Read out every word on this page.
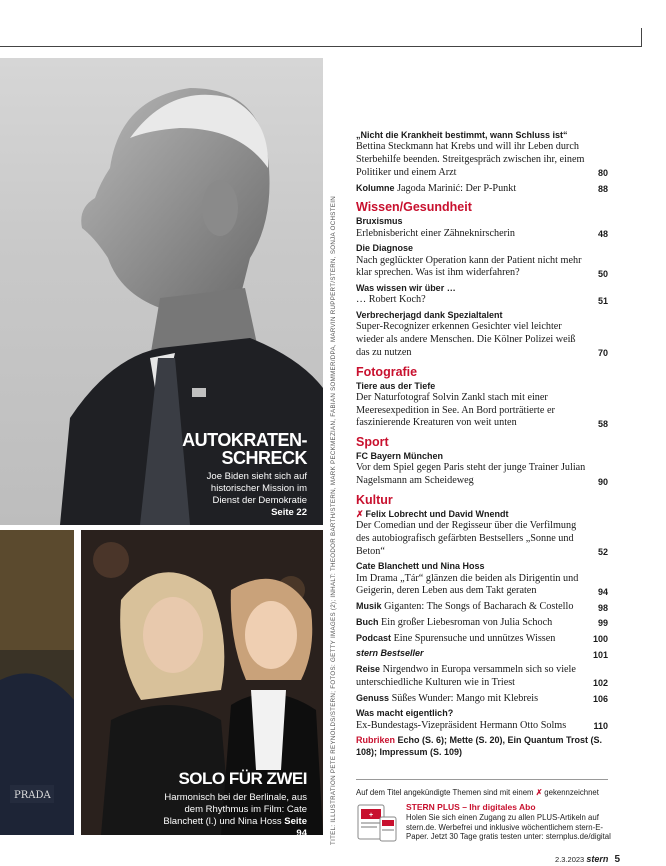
AUTOKRATEN-
SCHRECK
Joe Biden sieht sich auf historischer Mission im Dienst der Demokratie Seite 22
PRADA
SOLO FÜR ZWEI
Harmonisch bei der Berlinale, aus dem Rhythmus im Film: Cate Blanchett (l.) und Nina Hoss Seite 94	TITEL: ILLUSTRATION PETE REYNOLDS/STERN; FOTOS: GETTY IMAGES (2); INHALT: THEODOR BARTH/STERN, MARK PECKMEZIAN, FABIAN SOMMER/DPA, MARVIN RUPPERT/STERN, SONJA OCHSTEIN
„Nicht die Krankheit bestimmt, wann Schluss ist“
Bettina Steckmann hat Krebs und will ihr Leben durch Sterbehilfe beenden. Streitgespräch zwischen ihr, einem Politiker und einem Arzt	80
Kolumne Jagoda Marinić: Der P-Punkt	88
Wissen/Gesundheit
Bruxismus
Erlebnisbericht einer Zähneknirscherin	48
Die Diagnose
Nach geglückter Operation kann der Patient nicht mehr klar sprechen. Was ist ihm widerfahren?	50
Was wissen wir über …
… Robert Koch?	51
Verbrecherjagd dank Spezialtalent
Super-Recognizer erkennen Gesichter viel leichter wieder als andere Menschen. Die Kölner Polizei weiß das zu nutzen	70
Fotografie
Tiere aus der Tiefe
Der Naturfotograf Solvin Zankl stach mit einer Meeresexpedition in See. An Bord porträtierte er faszinierende Kreaturen von weit unten	58
Sport
FC Bayern München
Vor dem Spiel gegen Paris steht der junge Trainer Julian Nagelsmann am Scheideweg	90
Kultur
✗ Felix Lobrecht und David Wnendt
Der Comedian und der Regisseur über die Verfilmung des autobiografisch gefärbten Bestsellers „Sonne und Beton“	52
Cate Blanchett und Nina Hoss
Im Drama „Tár“ glänzen die beiden als Dirigentin und Geigerin, deren Leben aus dem Takt geraten	94
Musik Giganten: The Songs of Bacharach & Costello	98
Buch Ein großer Liebesroman von Julia Schoch	99
Podcast Eine Spurensuche und unnützes Wissen	100
stern Bestseller	101
Reise Nirgendwo in Europa versammeln sich so viele unterschiedliche Kulturen wie in Triest	102
Genuss Süßes Wunder: Mango mit Klebreis	106
Was macht eigentlich?
Ex-Bundestags-Vizepräsident Hermann Otto Solms	110
Rubriken Echo (S. 6); Mette (S. 20), Ein Quantum Trost (S. 108); Impressum (S. 109)
Auf dem Titel angekündigte Themen sind mit einem ✗ gekennzeichnet
+
STERN PLUS – Ihr digitales Abo
Holen Sie sich einen Zugang zu allen PLUS-Artikeln auf stern.de. Werbefrei und inklusive wöchentlichem stern-E-Paper. Jetzt 30 Tage gratis testen unter: sternplus.de/digital
2.3.2023 stern 5
